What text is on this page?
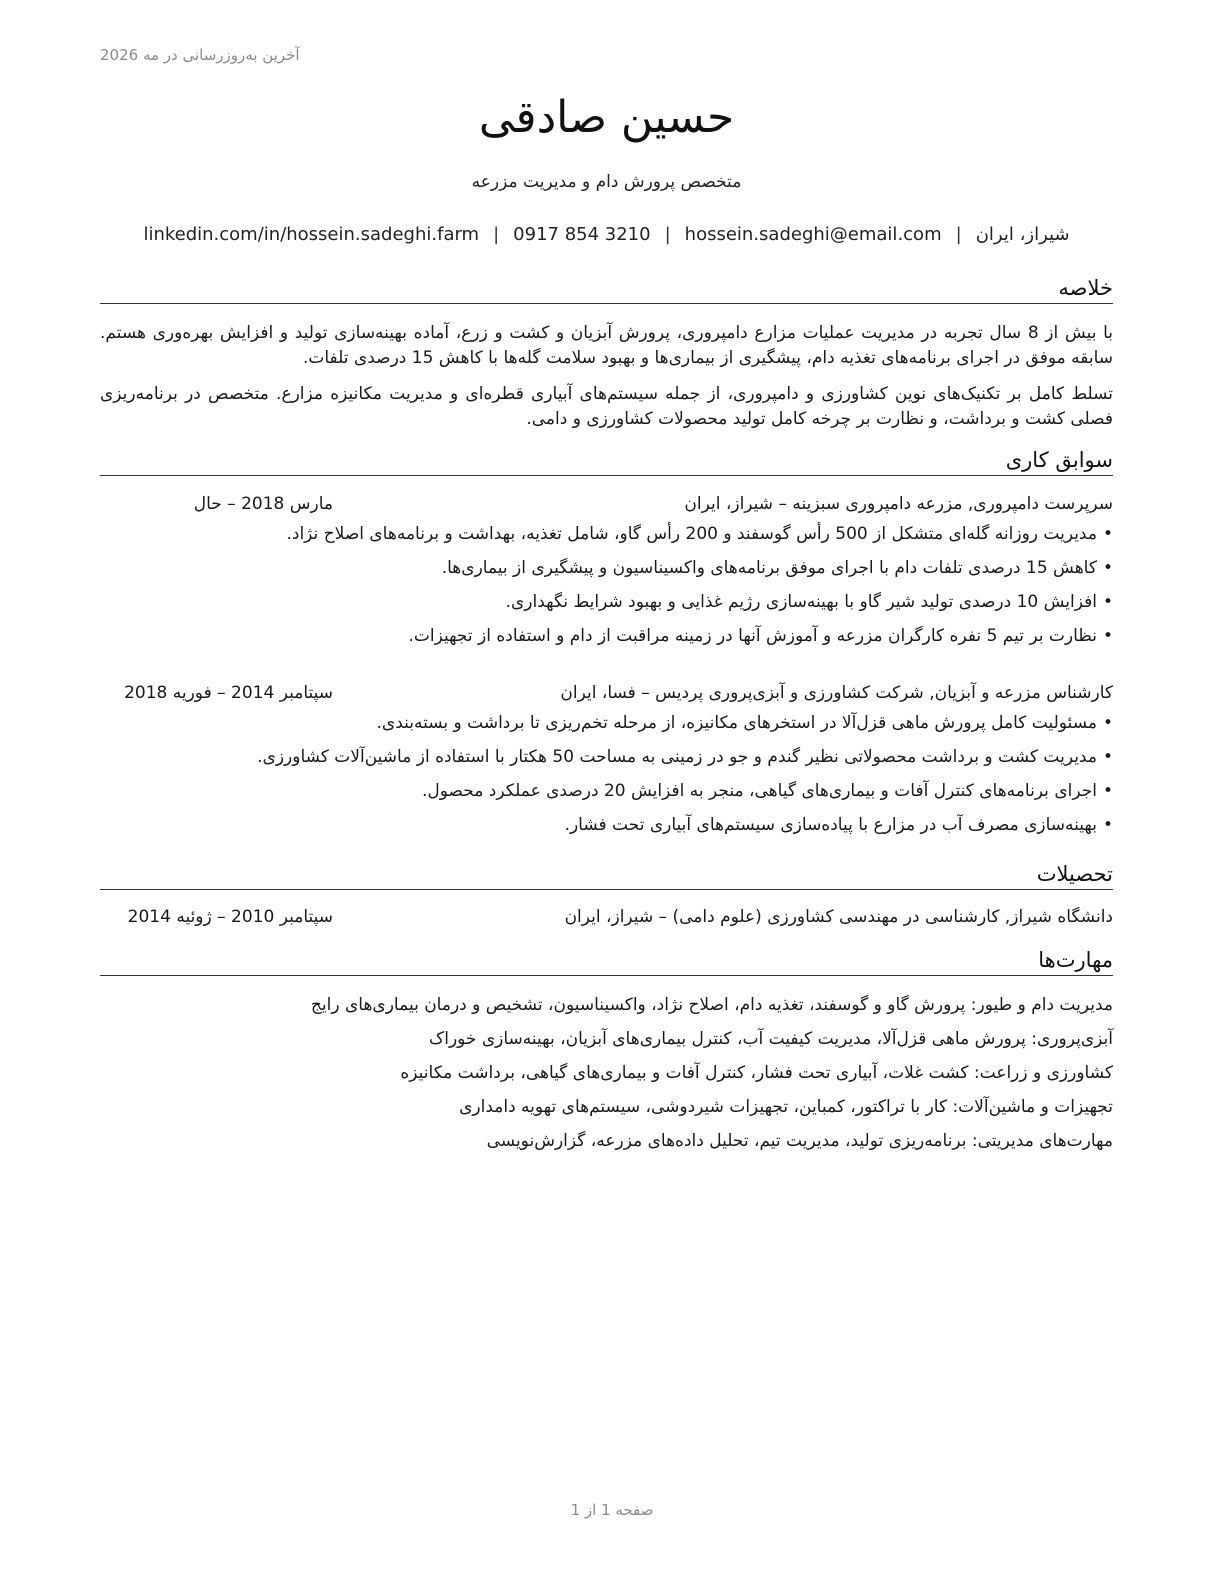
آخرین به‌روزرسانی در مه 2026
حسین صادقی
متخصص پرورش دام و مدیریت مزرعه
شیراز، ایران|hossein.sadeghi@email.com|0917 854 3210|linkedin.com/in/hossein.sadeghi.farm
خلاصه

با بیش از 8 سال تجربه در مدیریت عملیات مزارع دامپروری، پرورش آبزیان و کشت و زرع، آماده بهینه‌سازی تولید و افزایش بهره‌وری هستم. سابقه موفق در اجرای برنامه‌های تغذیه دام، پیشگیری از بیماری‌ها و بهبود سلامت گله‌ها با کاهش 15 درصدی تلفات.

تسلط کامل بر تکنیک‌های نوین کشاورزی و دامپروری، از جمله سیستم‌های آبیاری قطره‌ای و مدیریت مکانیزه مزارع. متخصص در برنامه‌ریزی فصلی کشت و برداشت، و نظارت بر چرخه کامل تولید محصولات کشاورزی و دامی.

سوابق کاری
سرپرست دامپروری, مزرعه دامپروری سبزینه – شیراز، ایران
مارس 2018 – حال
•مدیریت روزانه گله‌ای متشکل از 500 رأس گوسفند و 200 رأس گاو، شامل تغذیه، بهداشت و برنامه‌های اصلاح نژاد.
•کاهش 15 درصدی تلفات دام با اجرای موفق برنامه‌های واکسیناسیون و پیشگیری از بیماری‌ها.
•افزایش 10 درصدی تولید شیر گاو با بهینه‌سازی رژیم غذایی و بهبود شرایط نگهداری.
•نظارت بر تیم 5 نفره کارگران مزرعه و آموزش آنها در زمینه مراقبت از دام و استفاده از تجهیزات.
کارشناس مزرعه و آبزیان, شرکت کشاورزی و آبزی‌پروری پردیس – فسا، ایران
سپتامبر 2014 – فوریه 2018
•مسئولیت کامل پرورش ماهی قزل‌آلا در استخرهای مکانیزه، از مرحله تخم‌ریزی تا برداشت و بسته‌بندی.
•مدیریت کشت و برداشت محصولاتی نظیر گندم و جو در زمینی به مساحت 50 هکتار با استفاده از ماشین‌آلات کشاورزی.
•اجرای برنامه‌های کنترل آفات و بیماری‌های گیاهی، منجر به افزایش 20 درصدی عملکرد محصول.
•بهینه‌سازی مصرف آب در مزارع با پیاده‌سازی سیستم‌های آبیاری تحت فشار.
تحصیلات
دانشگاه شیراز, کارشناسی در مهندسی کشاورزی (علوم دامی) – شیراز، ایران
سپتامبر 2010 – ژوئیه 2014
مهارت‌ها
مدیریت دام و طیور: پرورش گاو و گوسفند، تغذیه دام، اصلاح نژاد، واکسیناسیون، تشخیص و درمان بیماری‌های رایج
آبزی‌پروری: پرورش ماهی قزل‌آلا، مدیریت کیفیت آب، کنترل بیماری‌های آبزیان، بهینه‌سازی خوراک
کشاورزی و زراعت: کشت غلات، آبیاری تحت فشار، کنترل آفات و بیماری‌های گیاهی، برداشت مکانیزه
تجهیزات و ماشین‌آلات: کار با تراکتور، کمباین، تجهیزات شیردوشی، سیستم‌های تهویه دامداری
مهارت‌های مدیریتی: برنامه‌ریزی تولید، مدیریت تیم، تحلیل داده‌های مزرعه، گزارش‌نویسی
صفحه 1 از 1
